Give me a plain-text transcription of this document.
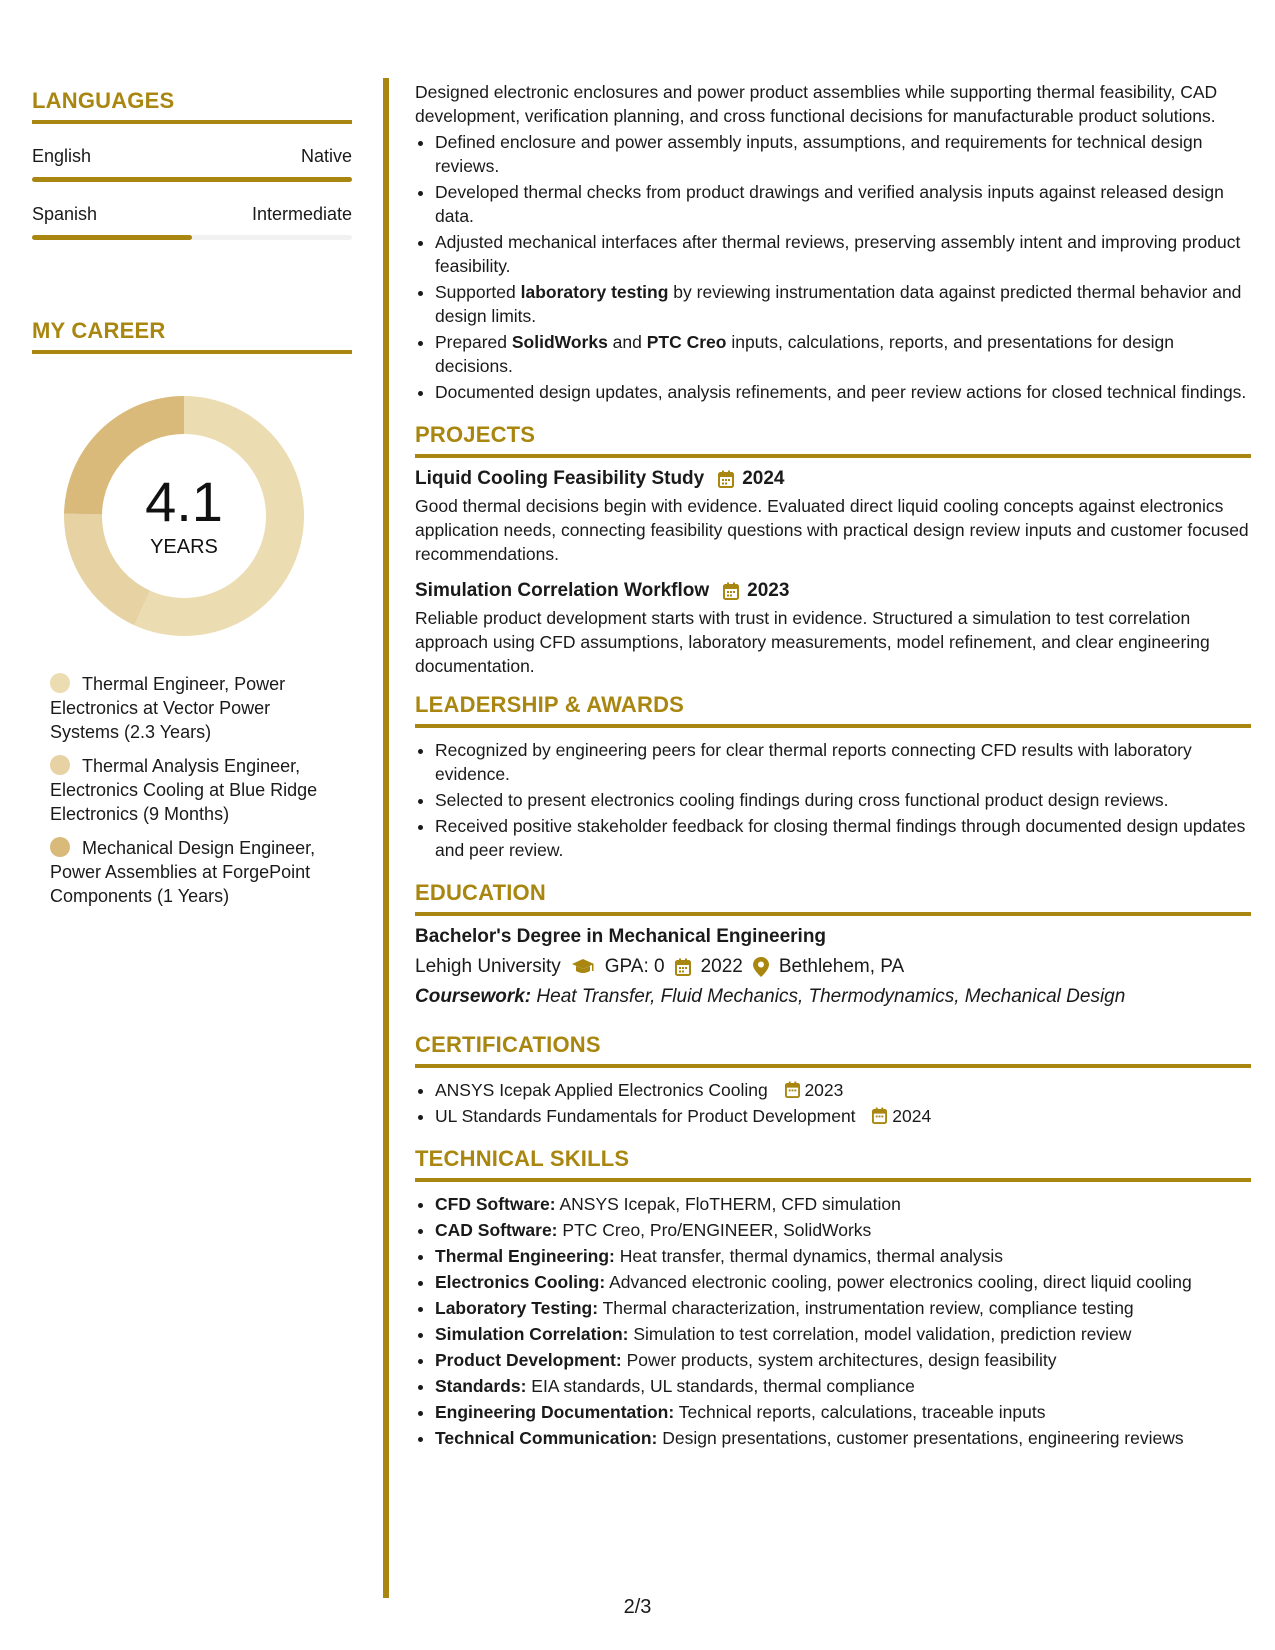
LANGUAGES
English	Native
Spanish	Intermediate
MY CAREER
4.1
YEARS
Thermal Engineer, Power Electronics at Vector Power Systems (2.3 Years)
Thermal Analysis Engineer, Electronics Cooling at Blue Ridge Electronics (9 Months)
Mechanical Design Engineer, Power Assemblies at ForgePoint Components (1 Years)

Designed electronic enclosures and power product assemblies while supporting thermal feasibility, CAD development, verification planning, and cross functional decisions for manufacturable product solutions.

• Defined enclosure and power assembly inputs, assumptions, and requirements for technical design reviews.
• Developed thermal checks from product drawings and verified analysis inputs against released design data.
• Adjusted mechanical interfaces after thermal reviews, preserving assembly intent and improving product feasibility.
• Supported laboratory testing by reviewing instrumentation data against predicted thermal behavior and design limits.
• Prepared SolidWorks and PTC Creo inputs, calculations, reports, and presentations for design decisions.
• Documented design updates, analysis refinements, and peer review actions for closed technical findings.
PROJECTS
Liquid Cooling Feasibility Study 2024

Good thermal decisions begin with evidence. Evaluated direct liquid cooling concepts against electronics application needs, connecting feasibility questions with practical design review inputs and customer focused recommendations.

Simulation Correlation Workflow 2023

Reliable product development starts with trust in evidence. Structured a simulation to test correlation approach using CFD assumptions, laboratory measurements, model refinement, and clear engineering documentation.

LEADERSHIP & AWARDS
• Recognized by engineering peers for clear thermal reports connecting CFD results with laboratory evidence.
• Selected to present electronics cooling findings during cross functional product design reviews.
• Received positive stakeholder feedback for closing thermal findings through documented design updates and peer review.
EDUCATION
Bachelor's Degree in Mechanical Engineering
Lehigh University GPA: 0 2022 Bethlehem, PA
Coursework: Heat Transfer, Fluid Mechanics, Thermodynamics, Mechanical Design
CERTIFICATIONS
• ANSYS Icepak Applied Electronics Cooling 2023
• UL Standards Fundamentals for Product Development 2024
TECHNICAL SKILLS
• CFD Software: ANSYS Icepak, FloTHERM, CFD simulation
• CAD Software: PTC Creo, Pro/ENGINEER, SolidWorks
• Thermal Engineering: Heat transfer, thermal dynamics, thermal analysis
• Electronics Cooling: Advanced electronic cooling, power electronics cooling, direct liquid cooling
• Laboratory Testing: Thermal characterization, instrumentation review, compliance testing
• Simulation Correlation: Simulation to test correlation, model validation, prediction review
• Product Development: Power products, system architectures, design feasibility
• Standards: EIA standards, UL standards, thermal compliance
• Engineering Documentation: Technical reports, calculations, traceable inputs
• Technical Communication: Design presentations, customer presentations, engineering reviews
2/3
